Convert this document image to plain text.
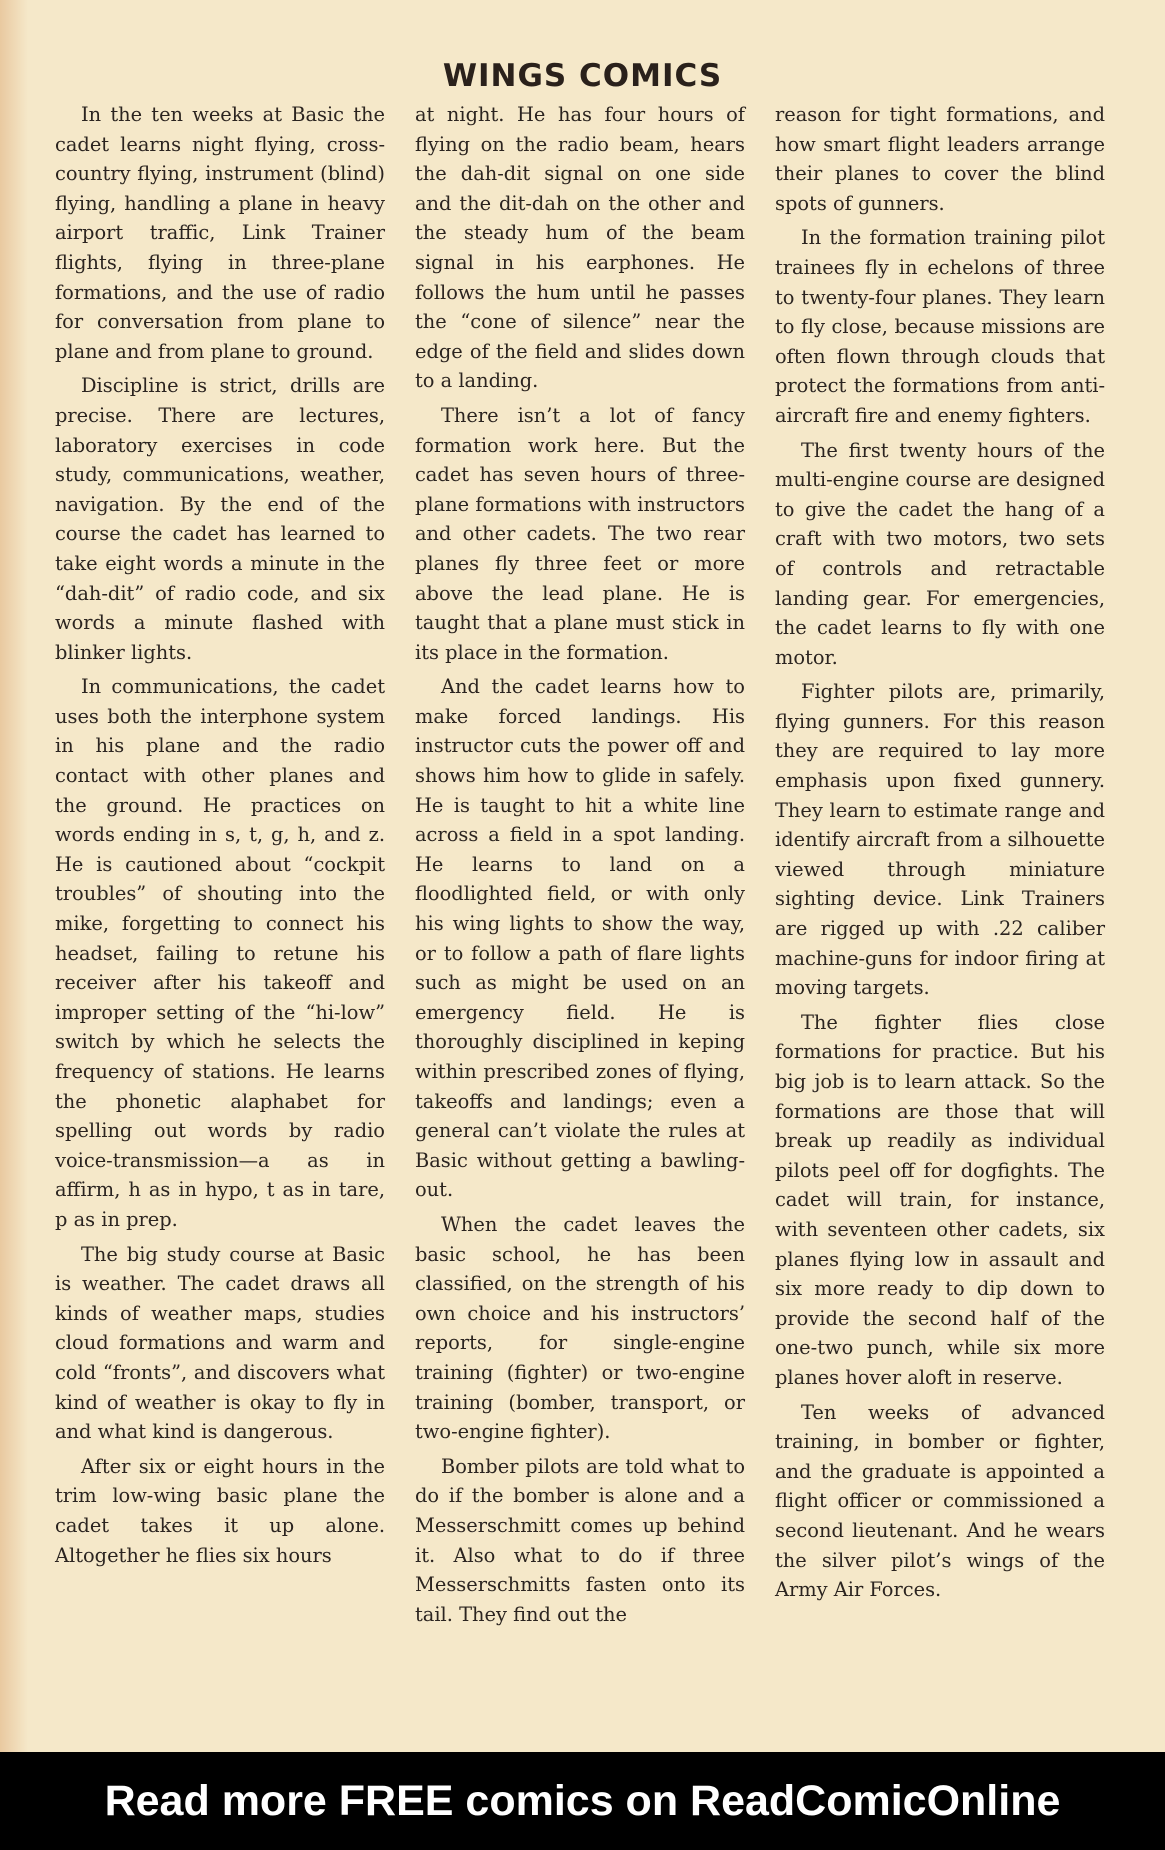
WINGS COMICS

In the ten weeks at Basic the cadet learns night flying, cross-country flying, instrument (blind) flying, handling a plane in heavy airport traffic, Link Trainer flights, flying in three-plane formations, and the use of radio for conversation from plane to plane and from plane to ground.

Discipline is strict, drills are precise. There are lectures, laboratory exercises in code study, communications, weather, navigation. By the end of the course the cadet has learned to take eight words a minute in the “dah-dit” of radio code, and six words a minute flashed with blinker lights.

In communications, the cadet uses both the interphone system in his plane and the radio contact with other planes and the ground. He practices on words ending in s, t, g, h, and z. He is cautioned about “cockpit troubles” of shouting into the mike, forgetting to connect his headset, failing to retune his receiver after his takeoff and improper setting of the “hi-low” switch by which he selects the frequency of stations. He learns the phonetic alaphabet for spelling out words by radio voice-transmission—a as in affirm, h as in hypo, t as in tare, p as in prep.

The big study course at Basic is weather. The cadet draws all kinds of weather maps, studies cloud formations and warm and cold “fronts”, and discovers what kind of weather is okay to fly in and what kind is dangerous.

After six or eight hours in the trim low-wing basic plane the cadet takes it up alone. Altogether he flies six hours

at night. He has four hours of flying on the radio beam, hears the dah-dit signal on one side and the dit-dah on the other and the steady hum of the beam signal in his earphones. He follows the hum until he passes the “cone of silence” near the edge of the field and slides down to a landing.

There isn’t a lot of fancy formation work here. But the cadet has seven hours of three-plane formations with instructors and other cadets. The two rear planes fly three feet or more above the lead plane. He is taught that a plane must stick in its place in the formation.

And the cadet learns how to make forced landings. His instructor cuts the power off and shows him how to glide in safely. He is taught to hit a white line across a field in a spot landing. He learns to land on a floodlighted field, or with only his wing lights to show the way, or to follow a path of flare lights such as might be used on an emergency field. He is thoroughly disciplined in keping within prescribed zones of flying, takeoffs and landings; even a general can’t violate the rules at Basic without getting a bawling-out.

When the cadet leaves the basic school, he has been classified, on the strength of his own choice and his instructors’ reports, for single-engine training (fighter) or two-engine training (bomber, transport, or two-engine fighter).

Bomber pilots are told what to do if the bomber is alone and a Messerschmitt comes up behind it. Also what to do if three Messerschmitts fasten onto its tail. They find out the

reason for tight formations, and how smart flight leaders arrange their planes to cover the blind spots of gunners.

In the formation training pilot trainees fly in echelons of three to twenty-four planes. They learn to fly close, because missions are often flown through clouds that protect the formations from anti-aircraft fire and enemy fighters.

The first twenty hours of the multi-engine course are designed to give the cadet the hang of a craft with two motors, two sets of controls and retractable landing gear. For emergencies, the cadet learns to fly with one motor.

Fighter pilots are, primarily, flying gunners. For this reason they are required to lay more emphasis upon fixed gunnery. They learn to estimate range and identify aircraft from a silhouette viewed through miniature sighting device. Link Trainers are rigged up with .22 caliber machine-guns for indoor firing at moving targets.

The fighter flies close formations for practice. But his big job is to learn attack. So the formations are those that will break up readily as individual pilots peel off for dogfights. The cadet will train, for instance, with seventeen other cadets, six planes flying low in assault and six more ready to dip down to provide the second half of the one-two punch, while six more planes hover aloft in reserve.

Ten weeks of advanced training, in bomber or fighter, and the graduate is appointed a flight officer or commissioned a second lieutenant. And he wears the silver pilot’s wings of the Army Air Forces.

Read more FREE comics on ReadComicOnline
